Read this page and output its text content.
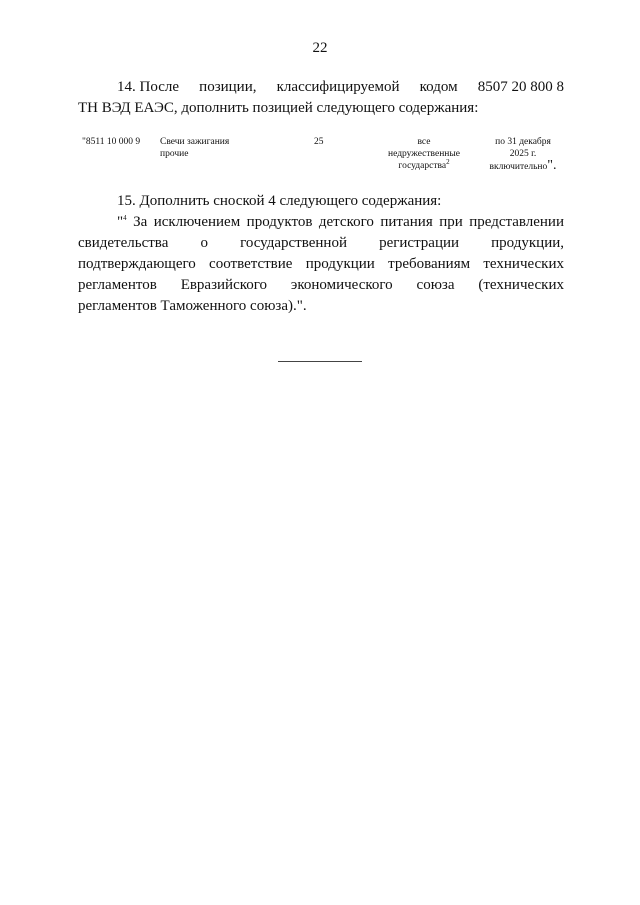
22
14. После позиции, классифицируемой кодом 8507 20 800 8
ТН ВЭД ЕАЭС, дополнить позицией следующего содержания:
"8511 10 000 9	Свечи зажигания
прочие
25	все
недружественные
государства$^2$
по 31 декабря
2025 г.
включительно".
15. Дополнить сноской 4 следующего содержания:
"$^4$ За исключением продуктов детского питания при представлении
свидетельства о государственной регистрации продукции,
подтверждающего соответствие продукции требованиям технических
регламентов Евразийского экономического союза (технических
регламентов Таможенного союза).".
